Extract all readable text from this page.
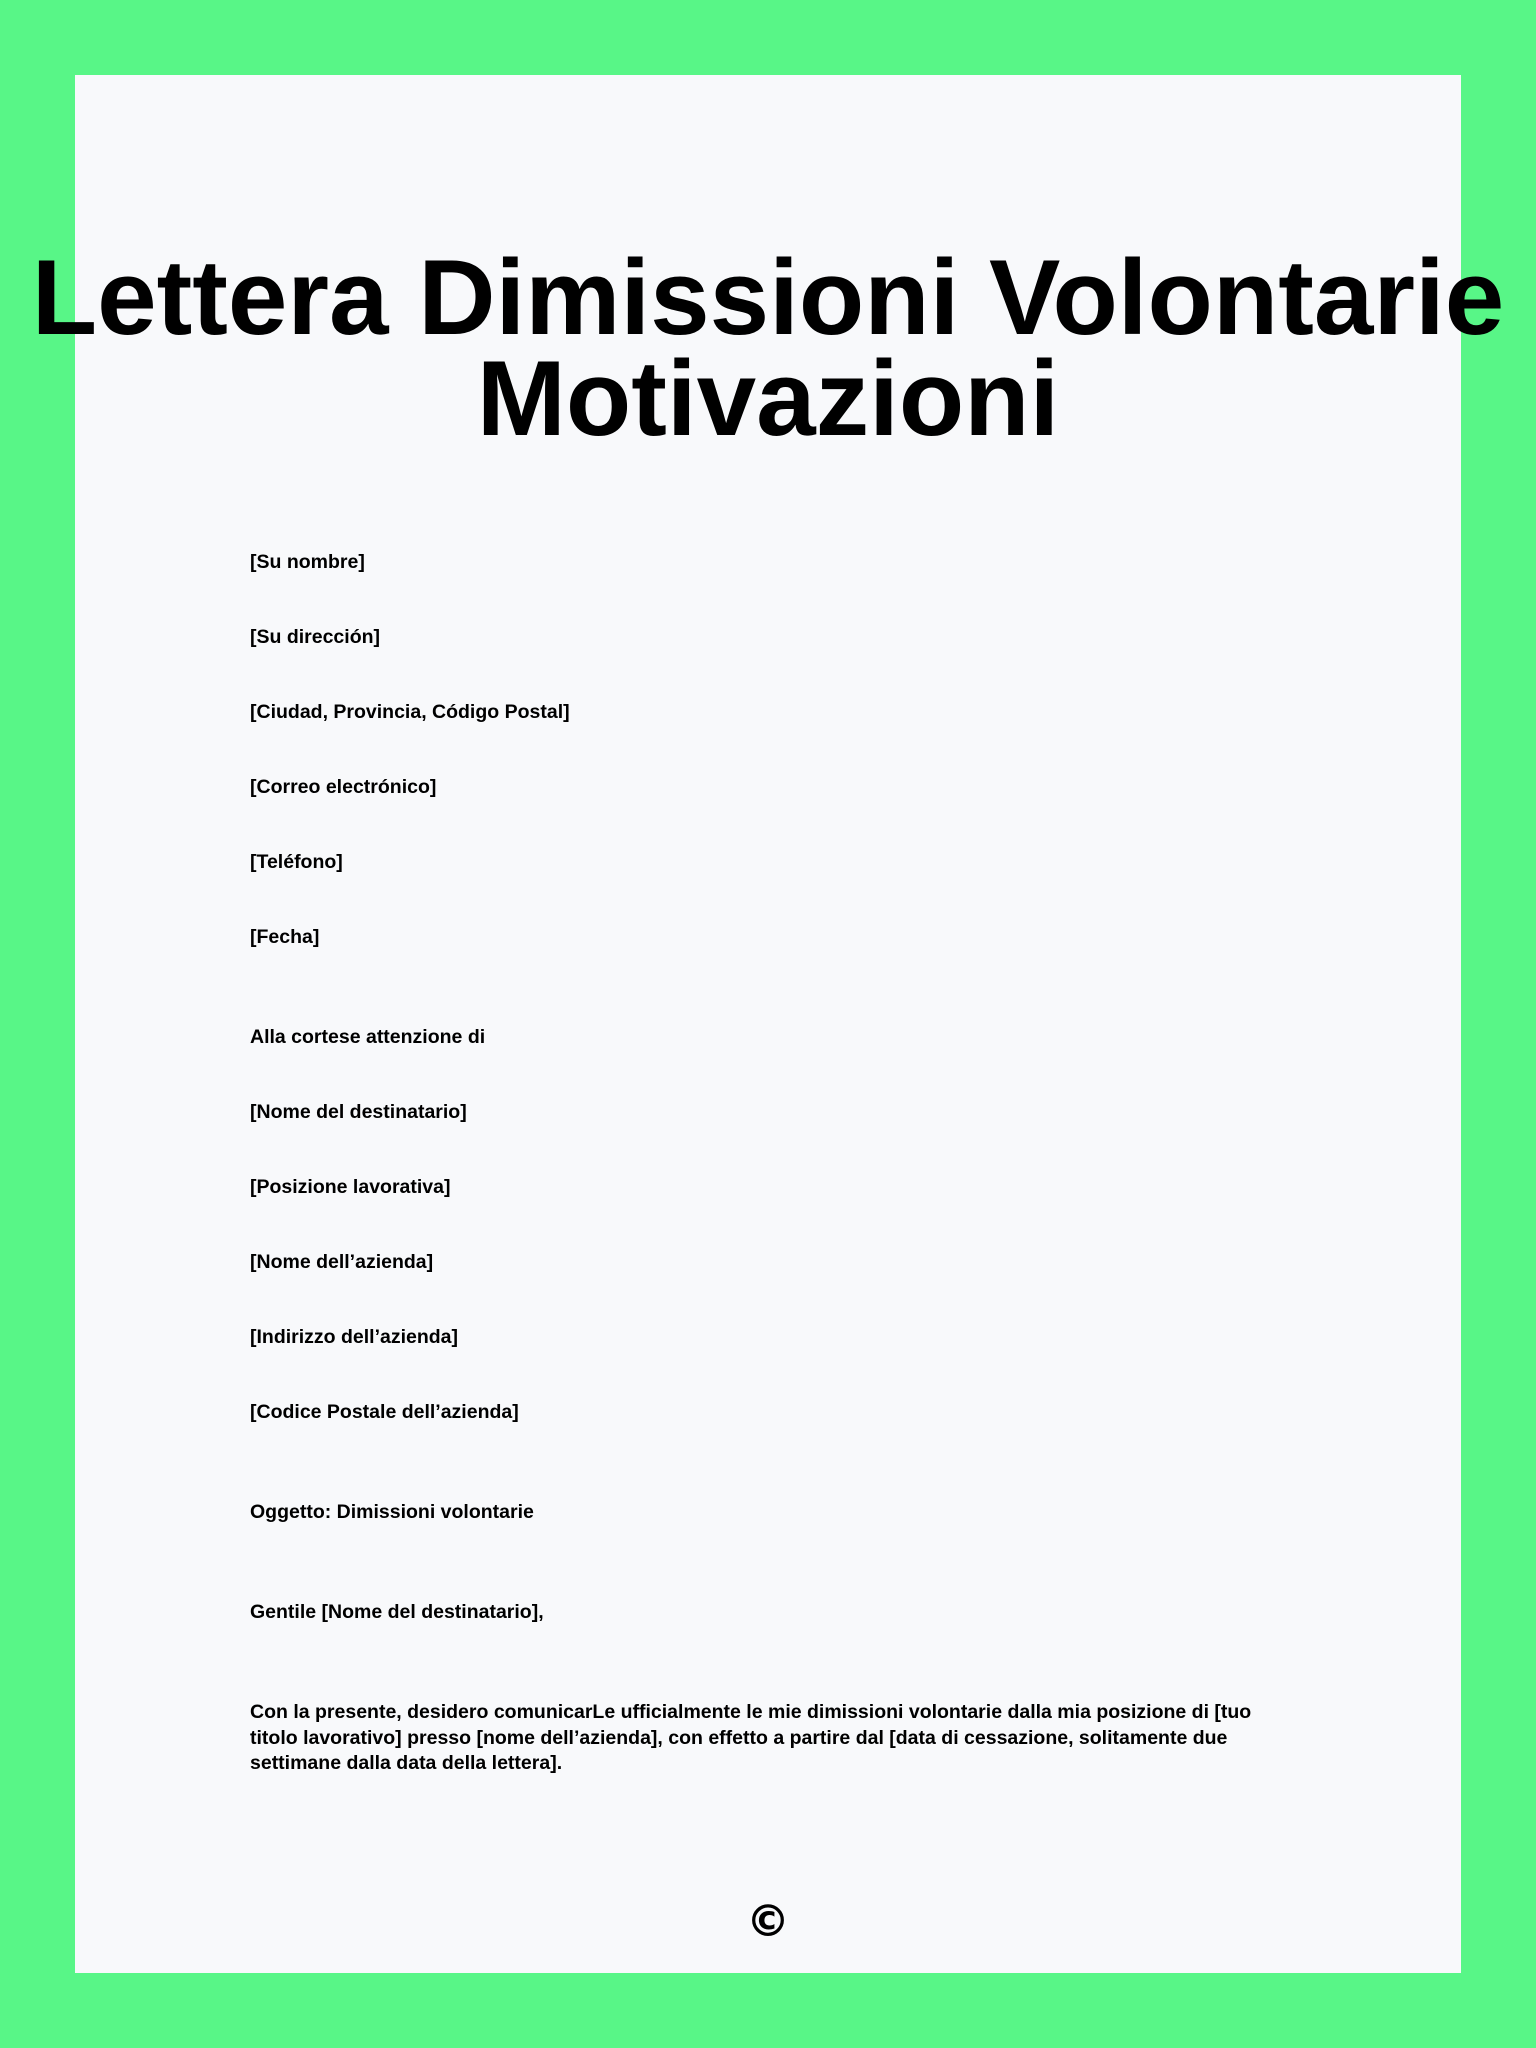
Lettera Dimissioni Volontarie
Motivazioni

[Su nombre]

[Su dirección]

[Ciudad, Provincia, Código Postal]

[Correo electrónico]

[Teléfono]

[Fecha]

Alla cortese attenzione di

[Nome del destinatario]

[Posizione lavorativa]

[Nome dell’azienda]

[Indirizzo dell’azienda]

[Codice Postale dell’azienda]

Oggetto: Dimissioni volontarie

Gentile [Nome del destinatario],

Con la presente, desidero comunicarLe ufficialmente le mie dimissioni volontarie dalla mia posizione di [tuo titolo lavorativo] presso [nome dell’azienda], con effetto a partire dal [data di cessazione, solitamente due settimane dalla data della lettera].

©
